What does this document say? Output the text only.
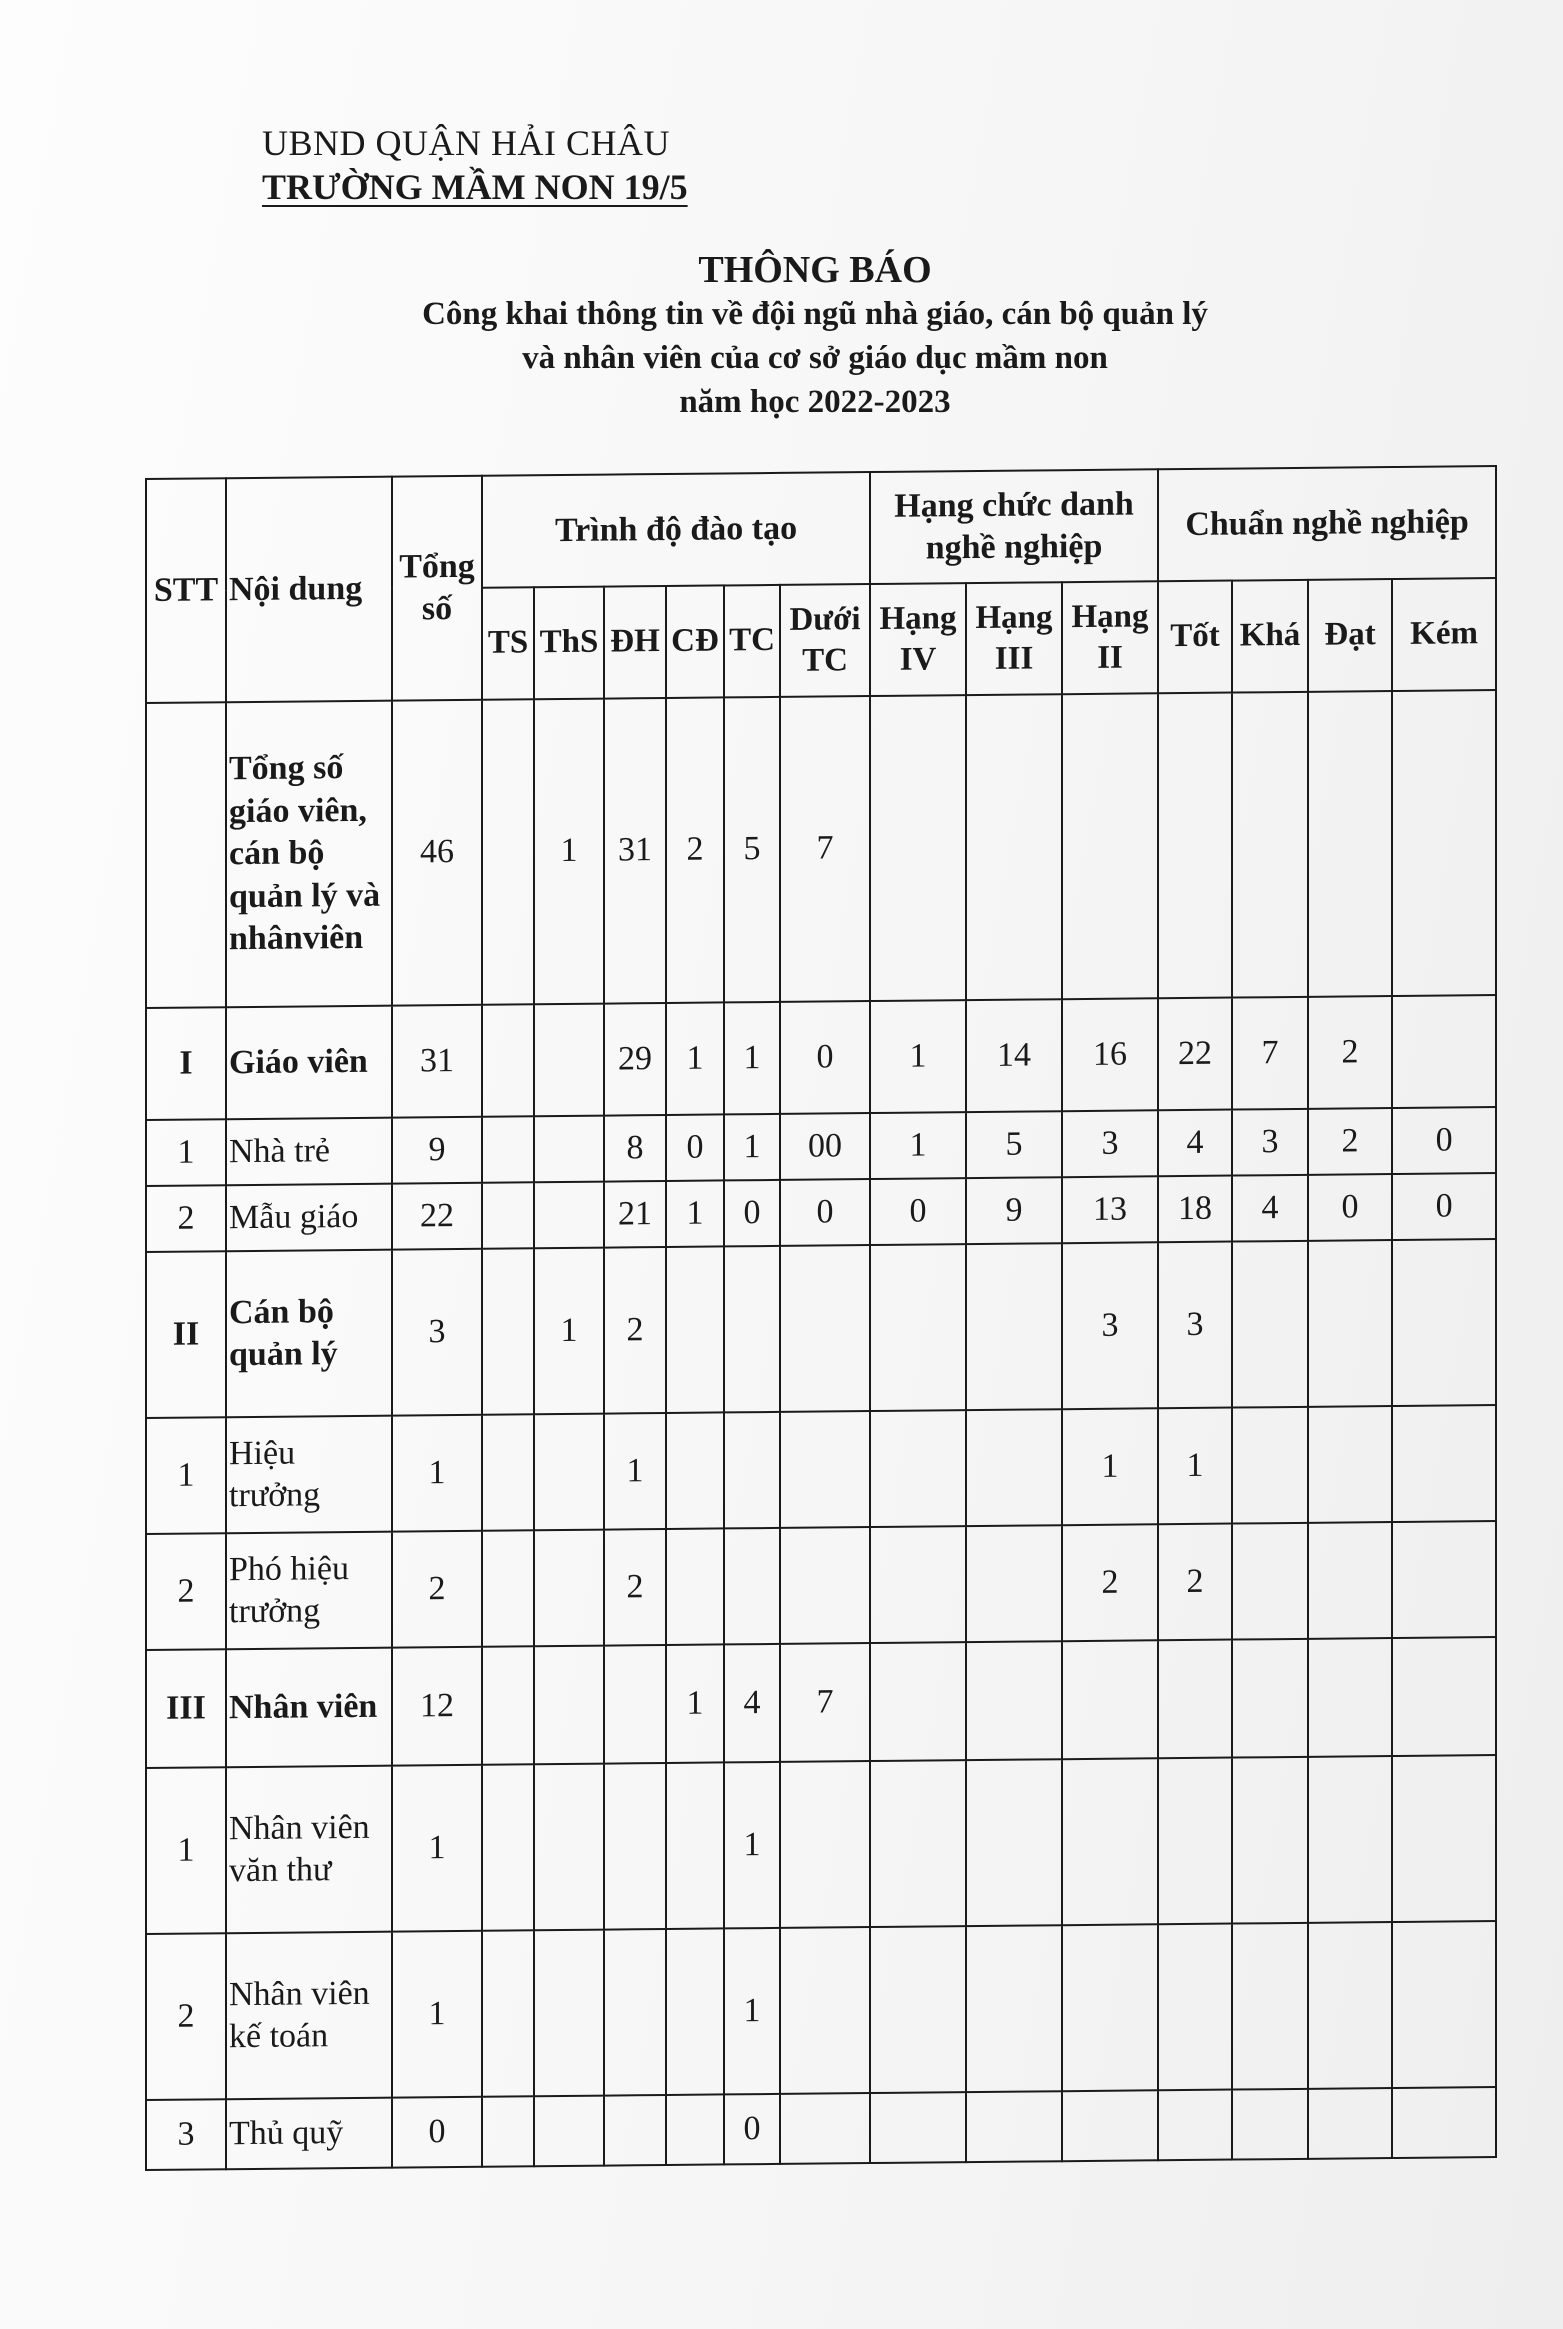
UBND QUẬN HẢI CHÂU
TRƯỜNG MẦM NON 19/5
THÔNG BÁO
Công khai thông tin về đội ngũ nhà giáo, cán bộ quản lý
và nhân viên của cơ sở giáo dục mầm non
năm học 2022-2023
STT	Nội dung	Tổng số	Trình độ đào tạo						Hạng chức danh nghề nghiệp			Chuẩn nghề nghiệp			
			TS	ThS	ĐH	CĐ	TC	Dưới TC	Hạng IV	Hạng III	Hạng II	Tốt	Khá	Đạt	Kém
	Tổng số giáo viên, cán bộ quản lý và nhânviên	46		1	31	2	5	7							
I	Giáo viên	31			29	1	1	0	1	14	16	22	7	2	
1	Nhà trẻ	9			8	0	1	00	1	5	3	4	3	2	0
2	Mẫu giáo	22			21	1	0	0	0	9	13	18	4	0	0
II	Cán bộ quản lý	3		1	2						3	3			
1	Hiệu trưởng	1			1						1	1			
2	Phó hiệu trưởng	2			2						2	2			
III	Nhân viên	12				1	4	7							
1	Nhân viên văn thư	1					1								
2	Nhân viên kế toán	1					1								
3	Thủ quỹ	0					0								
